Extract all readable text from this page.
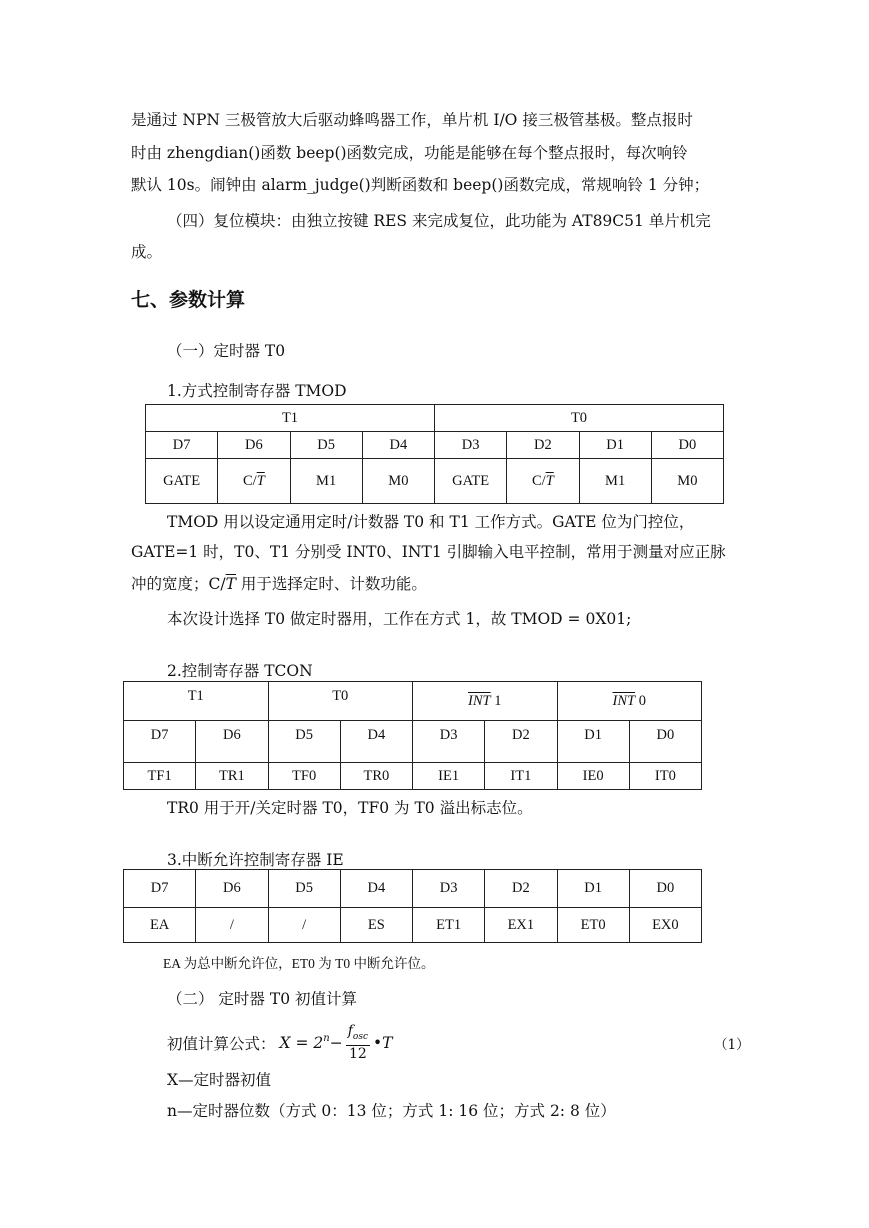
是通过 NPN 三极管放大后驱动蜂鸣器工作，单片机 I/O 接三极管基极。整点报时
时由 zhengdian()函数 beep()函数完成，功能是能够在每个整点报时，每次响铃
默认 10s。闹钟由 alarm_judge()判断函数和 beep()函数完成，常规响铃 1 分钟；
（四）复位模块：由独立按键 RES 来完成复位，此功能为 AT89C51 单片机完
成。
七、参数计算
（一）定时器 T0
1.方式控制寄存器 TMOD
T1				T0			
D7	D6	D5	D4	D3	D2	D1	D0
GATE	$C/\overline{T}$	M1	M0	GATE	$C/\overline{T}$	M1	M0
TMOD 用以设定通用定时/计数器 T0 和 T1 工作方式。GATE 位为门控位，
GATE=1 时，T0、T1 分别受 INT0、INT1 引脚输入电平控制，常用于测量对应正脉
冲的宽度；$C/\overline{T}$ 用于选择定时、计数功能。
本次设计选择 T0 做定时器用，工作在方式 1，故 TMOD = 0X01;
2.控制寄存器 TCON
T1		T0		$\overline{INT}$ 1		$\overline{INT}$ 0	
D7	D6	D5	D4	D3	D2	D1	D0
TF1	TR1	TF0	TR0	IE1	IT1	IE0	IT0
TR0 用于开/关定时器 T0，TF0 为 T0 溢出标志位。
3.中断允许控制寄存器 IE
D7	D6	D5	D4	D3	D2	D1	D0
EA	/	/	ES	ET1	EX1	ET0	EX0
EA 为总中断允许位，ET0 为 T0 中断允许位。
（二） 定时器 T0 初值计算
初值计算公式： $X = 2^n - \frac{f_{osc}}{12}$ •T	（1）
X—定时器初值
n—定时器位数（方式 0：13 位；方式 1: 16 位；方式 2: 8 位）
